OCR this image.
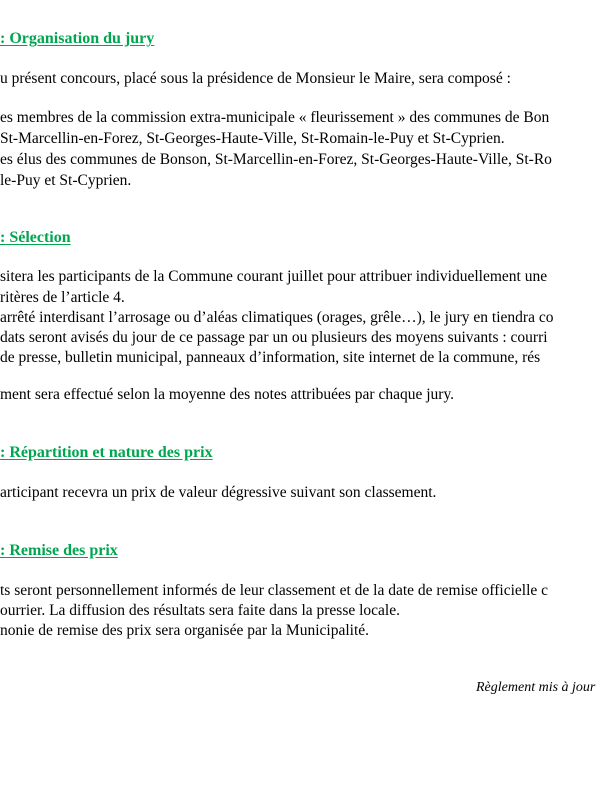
: Organisation du jury
u présent concours, placé sous la présidence de Monsieur le Maire, sera composé :
es membres de la commission extra-municipale « fleurissement » des communes de Bon
St-Marcellin-en-Forez, St-Georges-Haute-Ville, St-Romain-le-Puy et St-Cyprien.
es élus des communes de Bonson, St-Marcellin-en-Forez, St-Georges-Haute-Ville, St-Ro
le-Puy et St-Cyprien.
: Sélection
sitera les participants de la Commune courant juillet pour attribuer individuellement une
ritères de l’article 4.
arrêté interdisant l’arrosage ou d’aléas climatiques (orages, grêle…), le jury en tiendra co
dats seront avisés du jour de ce passage par un ou plusieurs des moyens suivants : courri
de presse, bulletin municipal, panneaux d’information, site internet de la commune, rés
ment sera effectué selon la moyenne des notes attribuées par chaque jury.
: Répartition et nature des prix
articipant recevra un prix de valeur dégressive suivant son classement.
: Remise des prix
ts seront personnellement informés de leur classement et de la date de remise officielle c
ourrier. La diffusion des résultats sera faite dans la presse locale.
nonie de remise des prix sera organisée par la Municipalité.
Règlement mis à jour
